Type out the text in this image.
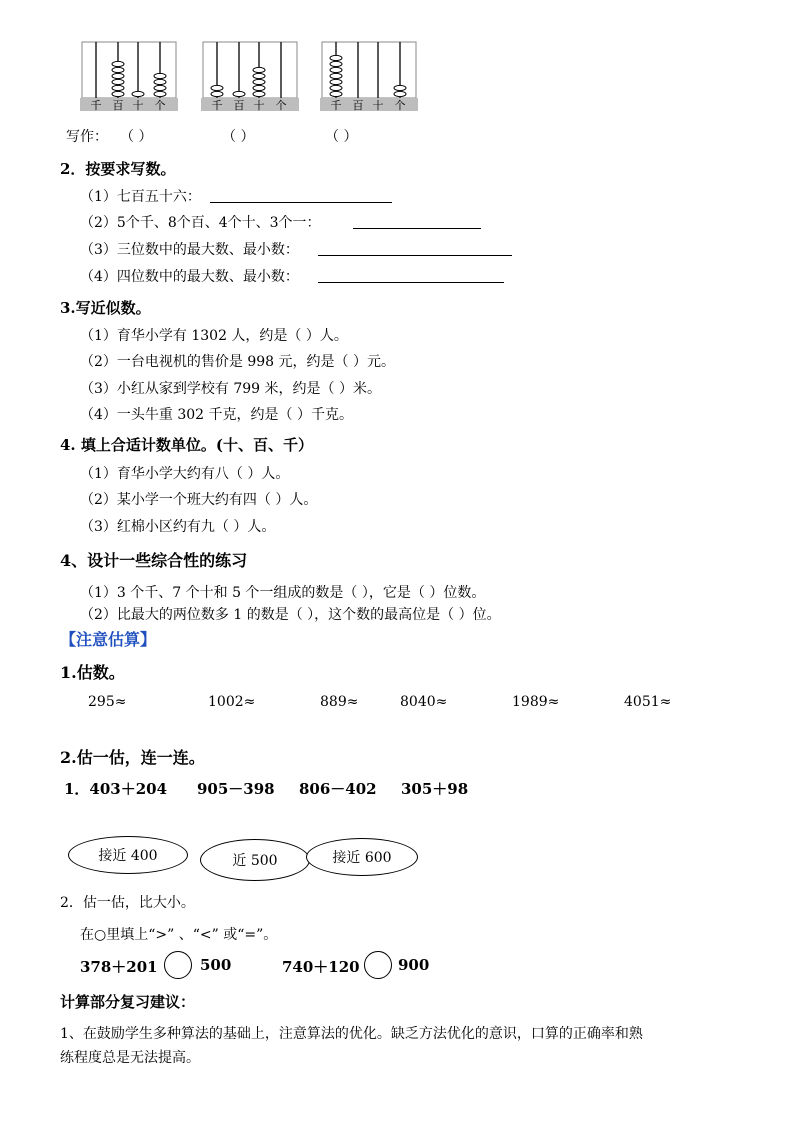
千 百 十 个	千 百 十 个	千 百 十 个
写作： （ ）	（ ）	（ ）
2．按要求写数。
（1）七百五十六：
（2）5个千、8个百、4个十、3个一：
（3）三位数中的最大数、最小数：
（4）四位数中的最大数、最小数：
3.写近似数。
（1）育华小学有 1302 人，约是（ ）人。
（2）一台电视机的售价是 998 元，约是（ ）元。
（3）小红从家到学校有 799 米，约是（ ）米。
（4）一头牛重 302 千克，约是（ ）千克。
4. 填上合适计数单位。(十、百、千）
（1）育华小学大约有八（ ）人。
（2）某小学一个班大约有四（ ）人。
（3）红棉小区约有九（ ）人。
4、设计一些综合性的练习
（1）3 个千、7 个十和 5 个一组成的数是（ ），它是（ ）位数。
（2）比最大的两位数多 1 的数是（ ），这个数的最高位是（ ）位。
【注意估算】
1.估数。
295≈	1002≈	889≈	8040≈	1989≈	4051≈
2.估一估，连一连。
1．403＋204 905－398 806－402 305＋98
接近 400	近 500	接近 600
2．估一估，比大小。
在○里填上“>” 、“<” 或“=”。
378＋201	500	740＋120	900
计算部分复习建议：
1、在鼓励学生多种算法的基础上，注意算法的优化。缺乏方法优化的意识，口算的正确率和熟
练程度总是无法提高。
